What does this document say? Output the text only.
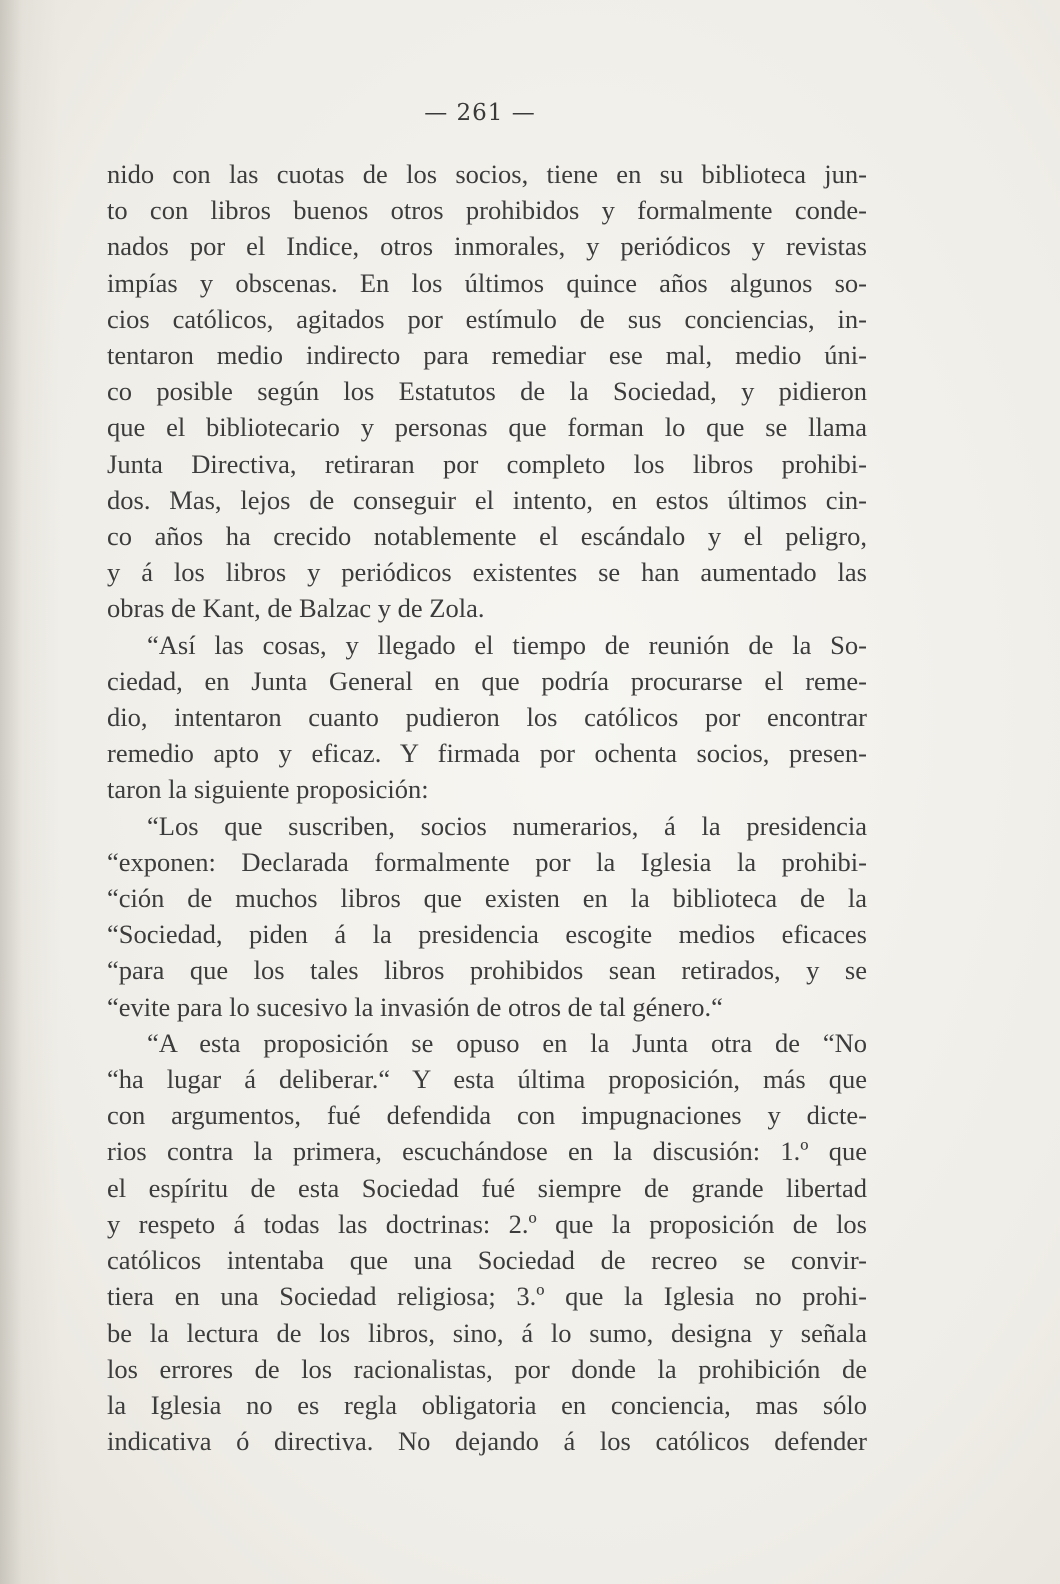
— 261 —
nido con las cuotas de los socios, tiene en su biblioteca jun-
to con libros buenos otros prohibidos y formalmente conde-
nados por el Indice, otros inmorales, y periódicos y revistas
impías y obscenas. En los últimos quince años algunos so-
cios católicos, agitados por estímulo de sus conciencias, in-
tentaron medio indirecto para remediar ese mal, medio úni-
co posible según los Estatutos de la Sociedad, y pidieron
que el bibliotecario y personas que forman lo que se llama
Junta Directiva, retiraran por completo los libros prohibi-
dos. Mas, lejos de conseguir el intento, en estos últimos cin-
co años ha crecido notablemente el escándalo y el peligro,
y á los libros y periódicos existentes se han aumentado las
obras de Kant, de Balzac y de Zola.
“Así las cosas, y llegado el tiempo de reunión de la So-
ciedad, en Junta General en que podría procurarse el reme-
dio, intentaron cuanto pudieron los católicos por encontrar
remedio apto y eficaz. Y firmada por ochenta socios, presen-
taron la siguiente proposición:
“Los que suscriben, socios numerarios, á la presidencia
“exponen: Declarada formalmente por la Iglesia la prohibi-
“ción de muchos libros que existen en la biblioteca de la
“Sociedad, piden á la presidencia escogite medios eficaces
“para que los tales libros prohibidos sean retirados, y se
“evite para lo sucesivo la invasión de otros de tal género.“
“A esta proposición se opuso en la Junta otra de “No
“ha lugar á deliberar.“ Y esta última proposición, más que
con argumentos, fué defendida con impugnaciones y dicte-
rios contra la primera, escuchándose en la discusión: 1.º que
el espíritu de esta Sociedad fué siempre de grande libertad
y respeto á todas las doctrinas: 2.º que la proposición de los
católicos intentaba que una Sociedad de recreo se convir-
tiera en una Sociedad religiosa; 3.º que la Iglesia no prohi-
be la lectura de los libros, sino, á lo sumo, designa y señala
los errores de los racionalistas, por donde la prohibición de
la Iglesia no es regla obligatoria en conciencia, mas sólo
indicativa ó directiva. No dejando á los católicos defender
